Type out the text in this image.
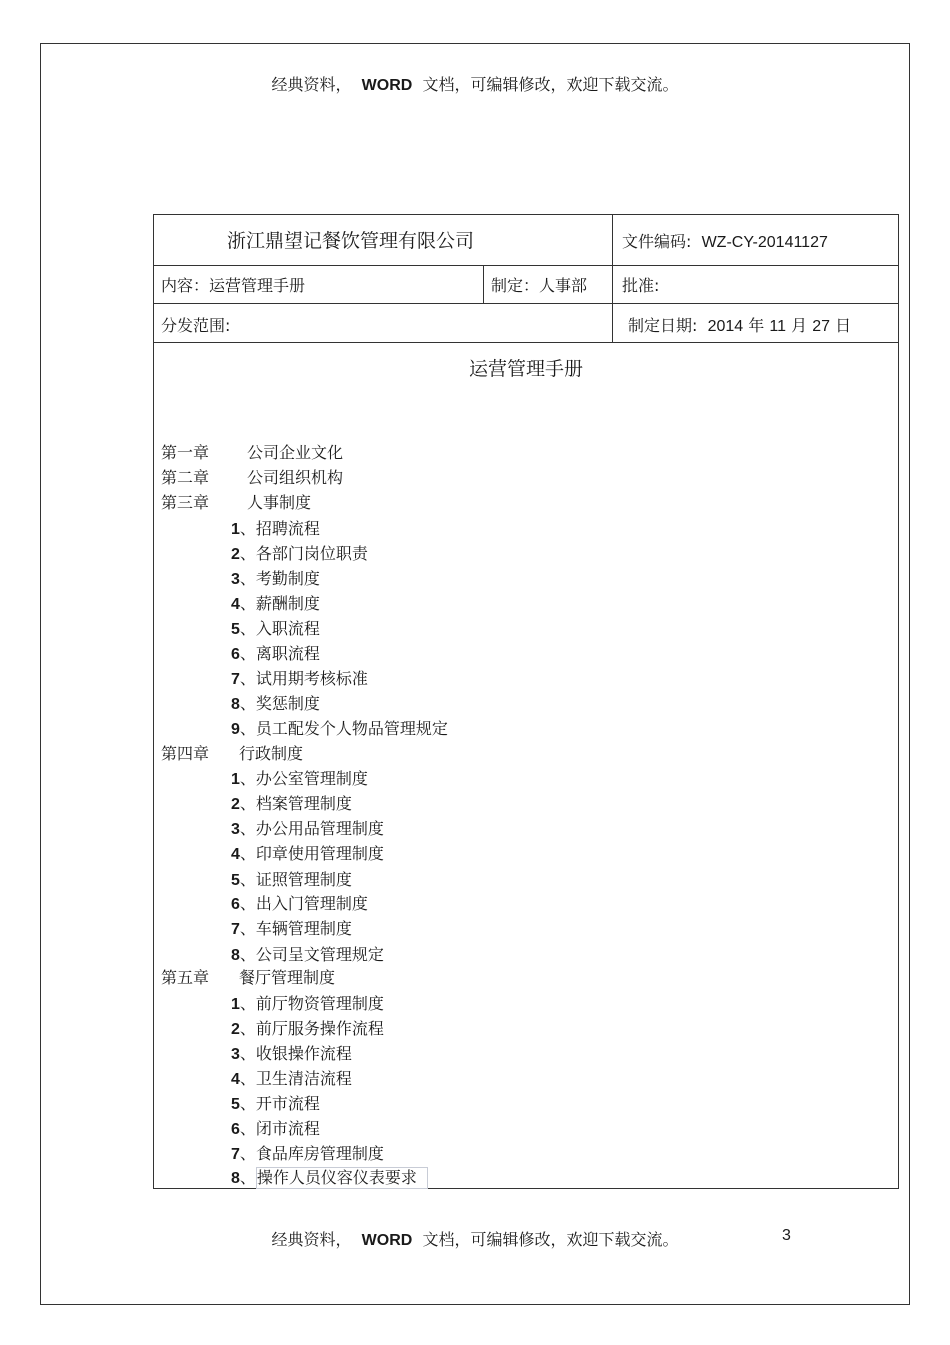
经典资料， WORD 文档，可编辑修改，欢迎下载交流。
浙江鼎望记餐饮管理有限公司	文件编码: WZ-CY-20141127
内容：运营管理手册	制定：人事部 批准:
分发范围:	制定日期: 2014 年 11 月 27 日
运营管理手册
第一章 公司企业文化
第二章 公司组织机构
第三章 人事制度
1、招聘流程
2、各部门岗位职责
3、考勤制度
4、薪酬制度
5、入职流程
6、离职流程
7、试用期考核标准
8、奖惩制度
9、员工配发个人物品管理规定
第四章 行政制度
1、办公室管理制度
2、档案管理制度
3、办公用品管理制度
4、印章使用管理制度
5、证照管理制度
6、出入门管理制度
7、车辆管理制度
8、公司呈文管理规定
第五章 餐厅管理制度
1、前厅物资管理制度
2、前厅服务操作流程
3、收银操作流程
4、卫生清洁流程
5、开市流程
6、闭市流程
7、食品库房管理制度
8、操作人员仪容仪表要求
经典资料， WORD 文档，可编辑修改，欢迎下载交流。	3
